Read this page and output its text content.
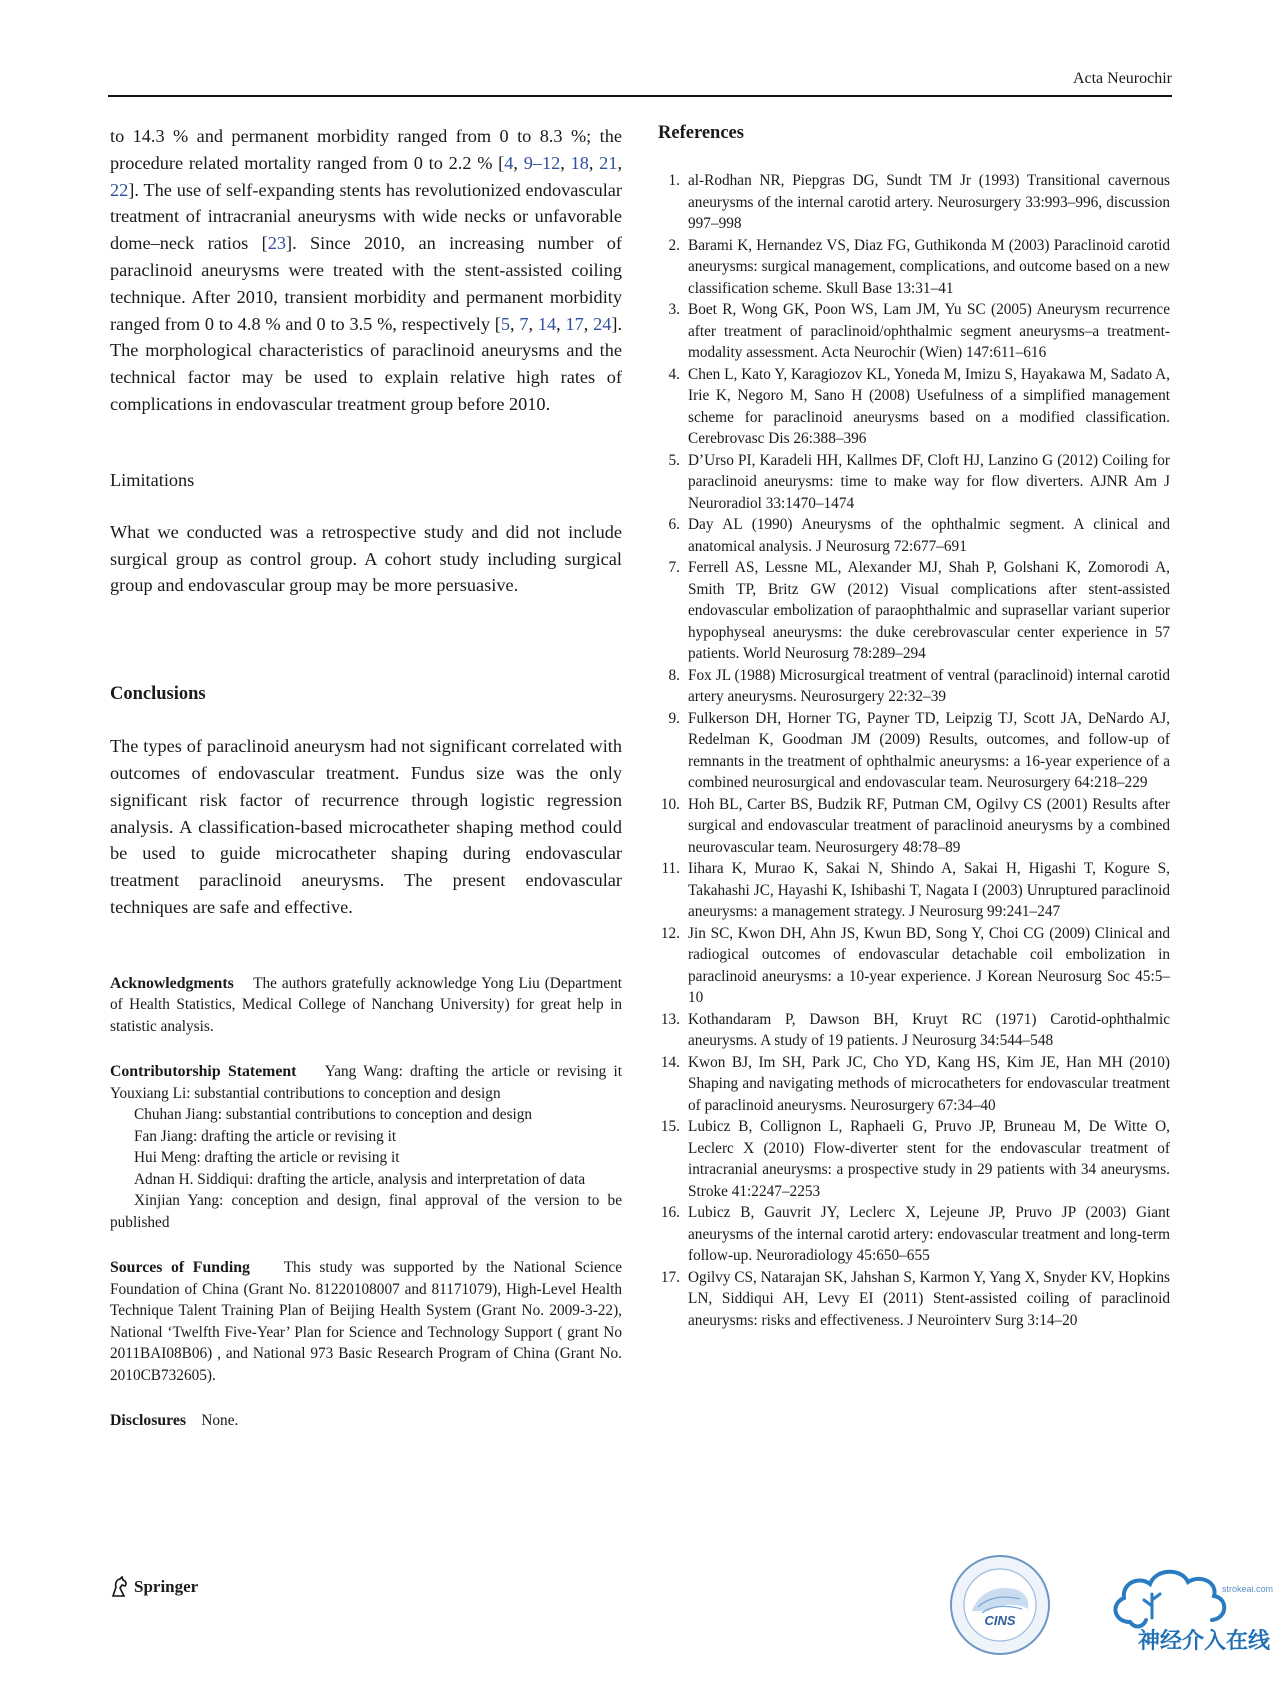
Acta Neurochir

to 14.3 % and permanent morbidity ranged from 0 to 8.3 %; the procedure related mortality ranged from 0 to 2.2 % [4, 9–12, 18, 21, 22]. The use of self-expanding stents has revolutionized endovascular treatment of intracranial aneurysms with wide necks or unfavorable dome–neck ratios [23]. Since 2010, an increasing number of paraclinoid aneurysms were treated with the stent-assisted coiling technique. After 2010, transient morbidity and permanent morbidity ranged from 0 to 4.8 % and 0 to 3.5 %, respectively [5, 7, 14, 17, 24]. The morphological characteristics of paraclinoid aneurysms and the technical factor may be used to explain relative high rates of complications in endovascular treatment group before 2010.

Limitations

What we conducted was a retrospective study and did not include surgical group as control group. A cohort study including surgical group and endovascular group may be more persuasive.

Conclusions

The types of paraclinoid aneurysm had not significant correlated with outcomes of endovascular treatment. Fundus size was the only significant risk factor of recurrence through logistic regression analysis. A classification-based microcatheter shaping method could be used to guide microcatheter shaping during endovascular treatment paraclinoid aneurysms. The present endovascular techniques are safe and effective.

Acknowledgments The authors gratefully acknowledge Yong Liu (Department of Health Statistics, Medical College of Nanchang University) for great help in statistic analysis.

Contributorship Statement Yang Wang: drafting the article or revising it Youxiang Li: substantial contributions to conception and design
Chuhan Jiang: substantial contributions to conception and design
Fan Jiang: drafting the article or revising it
Hui Meng: drafting the article or revising it
Adnan H. Siddiqui: drafting the article, analysis and interpretation of data
Xinjian Yang: conception and design, final approval of the version to be published

Sources of Funding This study was supported by the National Science Foundation of China (Grant No. 81220108007 and 81171079), High-Level Health Technique Talent Training Plan of Beijing Health System (Grant No. 2009-3-22), National ‘Twelfth Five-Year’ Plan for Science and Technology Support ( grant No 2011BAI08B06) , and National 973 Basic Research Program of China (Grant No. 2010CB732605).

Disclosures None.

References

1. al-Rodhan NR, Piepgras DG, Sundt TM Jr (1993) Transitional cavernous aneurysms of the internal carotid artery. Neurosurgery 33:993–996, discussion 997–998
2. Barami K, Hernandez VS, Diaz FG, Guthikonda M (2003) Paraclinoid carotid aneurysms: surgical management, complications, and outcome based on a new classification scheme. Skull Base 13:31–41
3. Boet R, Wong GK, Poon WS, Lam JM, Yu SC (2005) Aneurysm recurrence after treatment of paraclinoid/ophthalmic segment aneurysms–a treatment-modality assessment. Acta Neurochir (Wien) 147:611–616
4. Chen L, Kato Y, Karagiozov KL, Yoneda M, Imizu S, Hayakawa M, Sadato A, Irie K, Negoro M, Sano H (2008) Usefulness of a simplified management scheme for paraclinoid aneurysms based on a modified classification. Cerebrovasc Dis 26:388–396
5. D’Urso PI, Karadeli HH, Kallmes DF, Cloft HJ, Lanzino G (2012) Coiling for paraclinoid aneurysms: time to make way for flow diverters. AJNR Am J Neuroradiol 33:1470–1474
6. Day AL (1990) Aneurysms of the ophthalmic segment. A clinical and anatomical analysis. J Neurosurg 72:677–691
7. Ferrell AS, Lessne ML, Alexander MJ, Shah P, Golshani K, Zomorodi A, Smith TP, Britz GW (2012) Visual complications after stent-assisted endovascular embolization of paraophthalmic and suprasellar variant superior hypophyseal aneurysms: the duke cerebrovascular center experience in 57 patients. World Neurosurg 78:289–294
8. Fox JL (1988) Microsurgical treatment of ventral (paraclinoid) internal carotid artery aneurysms. Neurosurgery 22:32–39
9. Fulkerson DH, Horner TG, Payner TD, Leipzig TJ, Scott JA, DeNardo AJ, Redelman K, Goodman JM (2009) Results, outcomes, and follow-up of remnants in the treatment of ophthalmic aneurysms: a 16-year experience of a combined neurosurgical and endovascular team. Neurosurgery 64:218–229
10. Hoh BL, Carter BS, Budzik RF, Putman CM, Ogilvy CS (2001) Results after surgical and endovascular treatment of paraclinoid aneurysms by a combined neurovascular team. Neurosurgery 48:78–89
11. Iihara K, Murao K, Sakai N, Shindo A, Sakai H, Higashi T, Kogure S, Takahashi JC, Hayashi K, Ishibashi T, Nagata I (2003) Unruptured paraclinoid aneurysms: a management strategy. J Neurosurg 99:241–247
12. Jin SC, Kwon DH, Ahn JS, Kwun BD, Song Y, Choi CG (2009) Clinical and radiogical outcomes of endovascular detachable coil embolization in paraclinoid aneurysms: a 10-year experience. J Korean Neurosurg Soc 45:5–10
13. Kothandaram P, Dawson BH, Kruyt RC (1971) Carotid-ophthalmic aneurysms. A study of 19 patients. J Neurosurg 34:544–548
14. Kwon BJ, Im SH, Park JC, Cho YD, Kang HS, Kim JE, Han MH (2010) Shaping and navigating methods of microcatheters for endovascular treatment of paraclinoid aneurysms. Neurosurgery 67:34–40
15. Lubicz B, Collignon L, Raphaeli G, Pruvo JP, Bruneau M, De Witte O, Leclerc X (2010) Flow-diverter stent for the endovascular treatment of intracranial aneurysms: a prospective study in 29 patients with 34 aneurysms. Stroke 41:2247–2253
16. Lubicz B, Gauvrit JY, Leclerc X, Lejeune JP, Pruvo JP (2003) Giant aneurysms of the internal carotid artery: endovascular treatment and long-term follow-up. Neuroradiology 45:650–655
17. Ogilvy CS, Natarajan SK, Jahshan S, Karmon Y, Yang X, Snyder KV, Hopkins LN, Siddiqui AH, Levy EI (2011) Stent-assisted coiling of paraclinoid aneurysms: risks and effectiveness. J Neurointerv Surg 3:14–20
Springer
CINS
strokeai.com
神经介入在线
